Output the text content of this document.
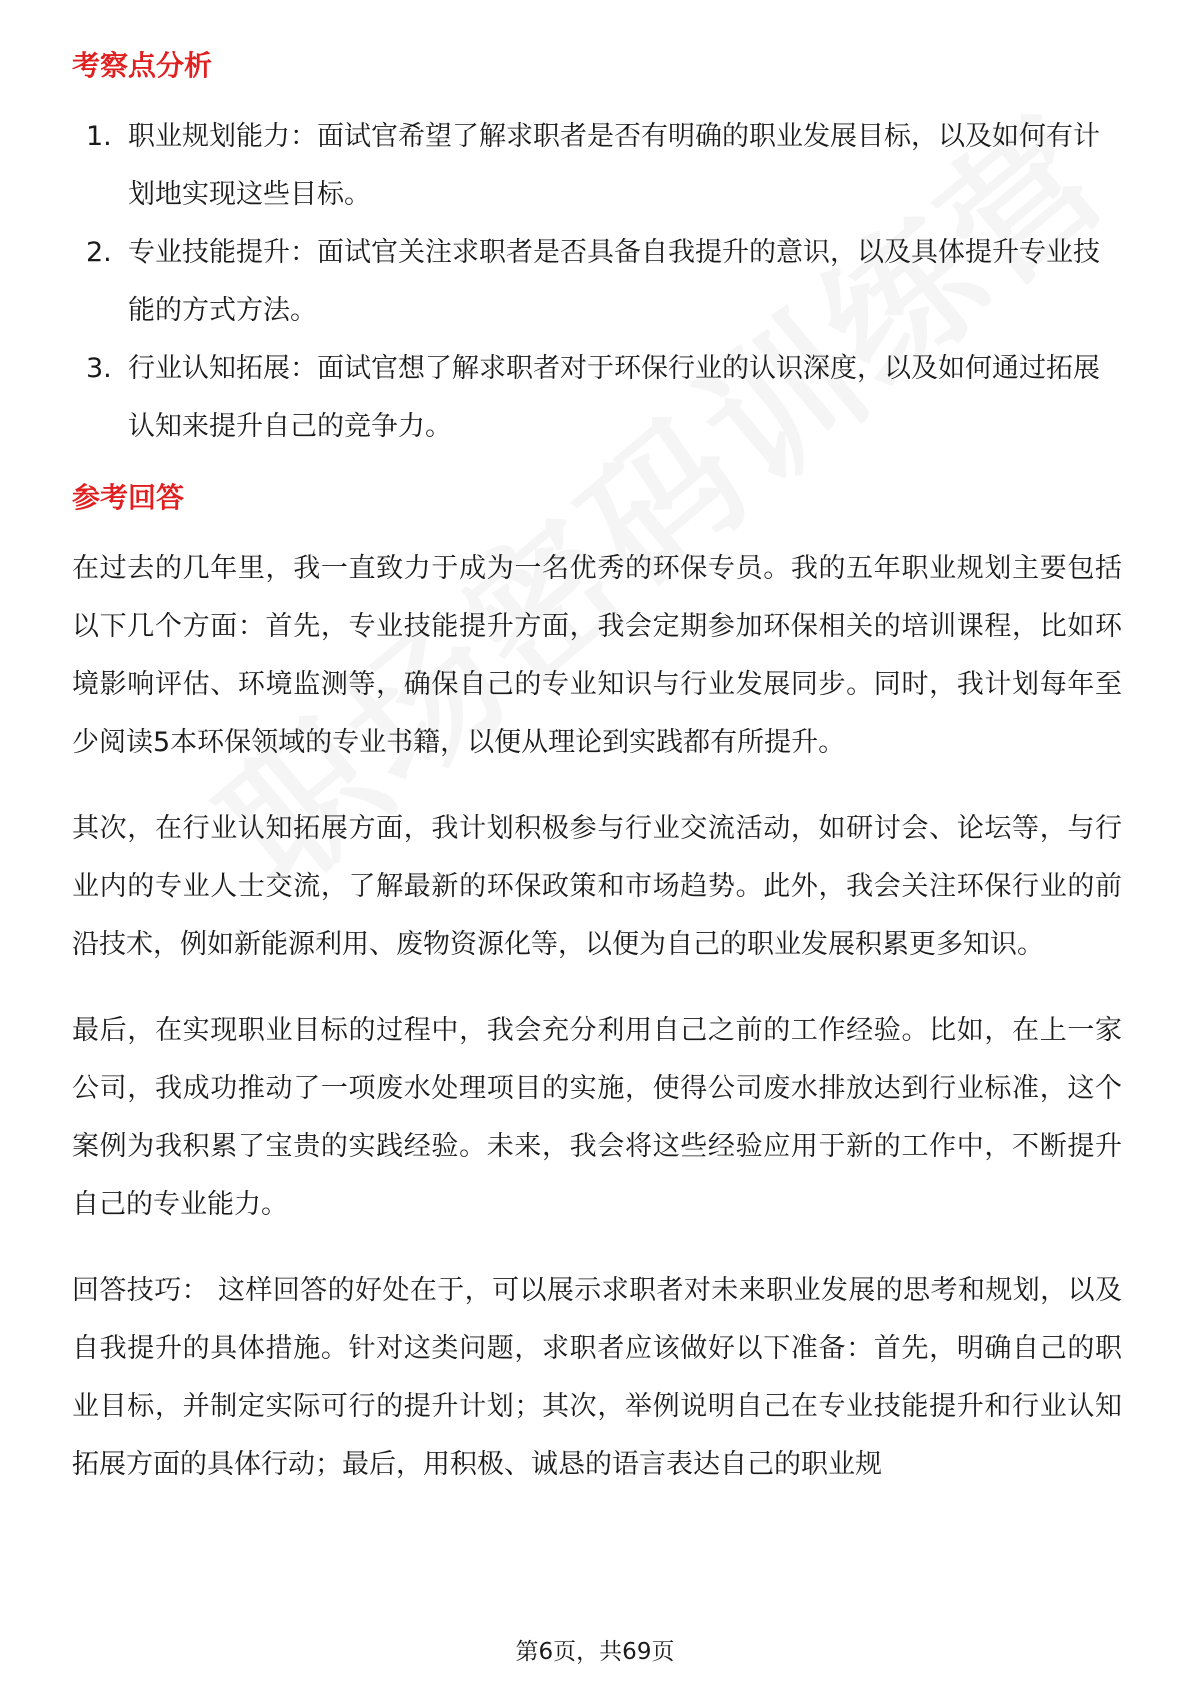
考察点分析
1. 职业规划能力：面试官希望了解求职者是否有明确的职业发展目标，以及如何有计划地实现这些目标。
2. 专业技能提升：面试官关注求职者是否具备自我提升的意识，以及具体提升专业技能的方式方法。
3. 行业认知拓展：面试官想了解求职者对于环保行业的认识深度，以及如何通过拓展认知来提升自己的竞争力。
参考回答

在过去的几年里，我一直致力于成为一名优秀的环保专员。我的五年职业规划主要包括以下几个方面：首先，专业技能提升方面，我会定期参加环保相关的培训课程，比如环境影响评估、环境监测等，确保自己的专业知识与行业发展同步。同时，我计划每年至少阅读5本环保领域的专业书籍，以便从理论到实践都有所提升。

其次，在行业认知拓展方面，我计划积极参与行业交流活动，如研讨会、论坛等，与行业内的专业人士交流，了解最新的环保政策和市场趋势。此外，我会关注环保行业的前沿技术，例如新能源利用、废物资源化等，以便为自己的职业发展积累更多知识。

最后，在实现职业目标的过程中，我会充分利用自己之前的工作经验。比如，在上一家公司，我成功推动了一项废水处理项目的实施，使得公司废水排放达到行业标准，这个案例为我积累了宝贵的实践经验。未来，我会将这些经验应用于新的工作中，不断提升自己的专业能力。

回答技巧： 这样回答的好处在于，可以展示求职者对未来职业发展的思考和规划，以及自我提升的具体措施。针对这类问题，求职者应该做好以下准备：首先，明确自己的职业目标，并制定实际可行的提升计划；其次，举例说明自己在专业技能提升和行业认知拓展方面的具体行动；最后，用积极、诚恳的语言表达自己的职业规

第6页，共69页
